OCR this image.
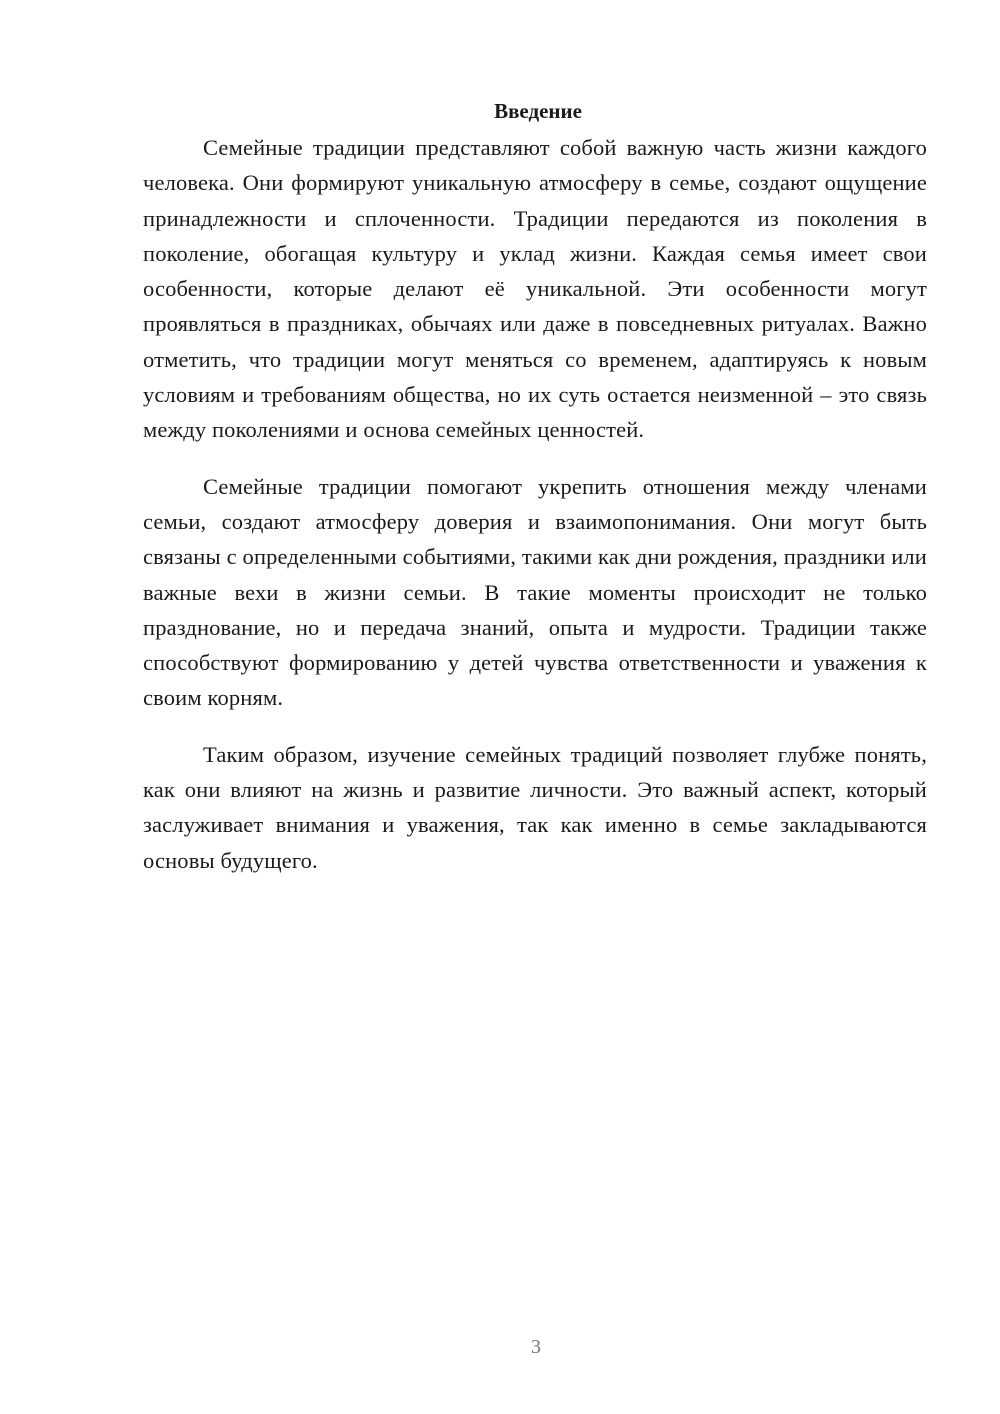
Введение

Семейные традиции представляют собой важную часть жизни каждого человека. Они формируют уникальную атмосферу в семье, создают ощущение принадлежности и сплоченности. Традиции передаются из поколения в поколение, обогащая культуру и уклад жизни. Каждая семья имеет свои особенности, которые делают её уникальной. Эти особенности могут проявляться в праздниках, обычаях или даже в повседневных ритуалах. Важно отметить, что традиции могут меняться со временем, адаптируясь к новым условиям и требованиям общества, но их суть остается неизменной – это связь между поколениями и основа семейных ценностей.

Семейные традиции помогают укрепить отношения между членами семьи, создают атмосферу доверия и взаимопонимания. Они могут быть связаны с определенными событиями, такими как дни рождения, праздники или важные вехи в жизни семьи. В такие моменты происходит не только празднование, но и передача знаний, опыта и мудрости. Традиции также способствуют формированию у детей чувства ответственности и уважения к своим корням.

Таким образом, изучение семейных традиций позволяет глубже понять, как они влияют на жизнь и развитие личности. Это важный аспект, который заслуживает внимания и уважения, так как именно в семье закладываются основы будущего.

3
